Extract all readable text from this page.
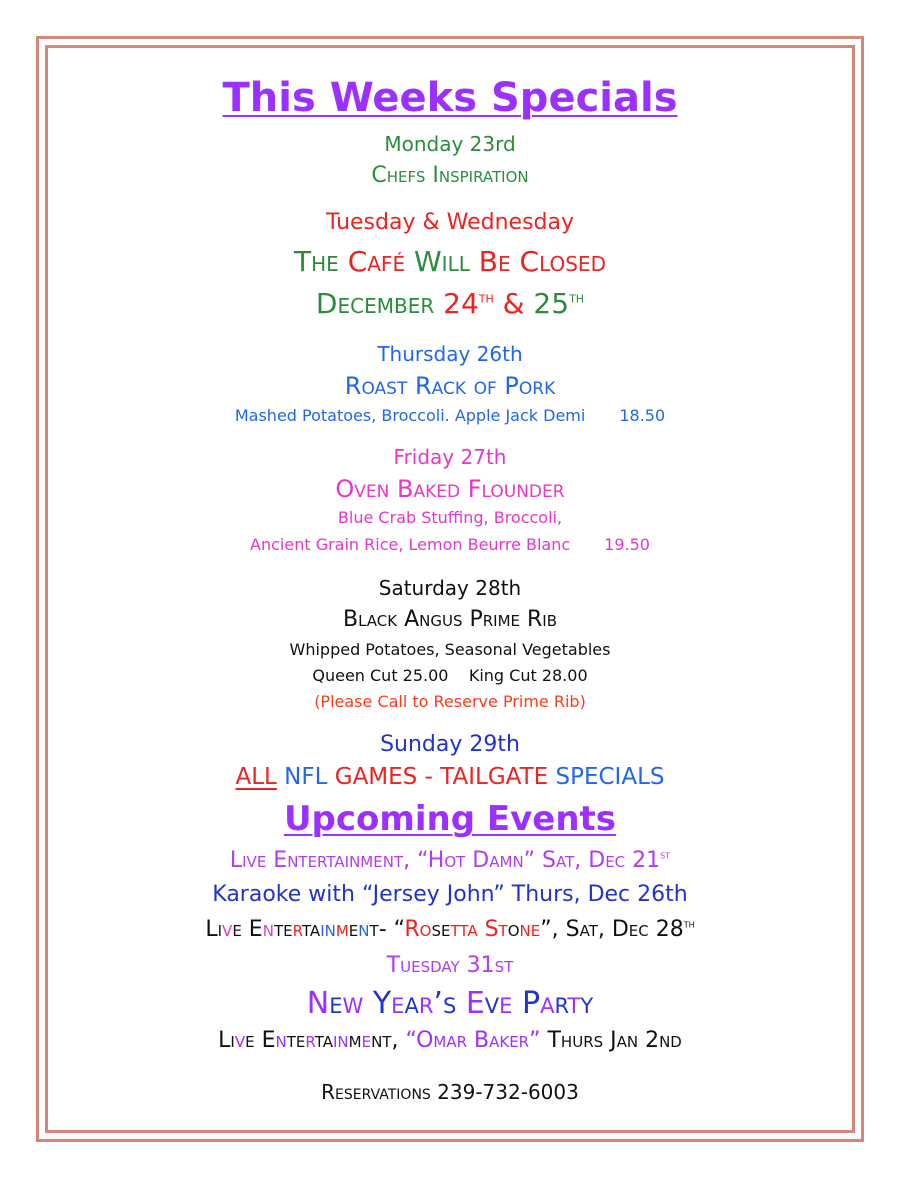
This Weeks Specials
Monday 23rd
Chefs Inspiration
Tuesday & Wednesday
The Café Will Be Closed
December 24th & 25th
Thursday 26th
Roast Rack of Pork
Mashed Potatoes, Broccoli. Apple Jack Demi 18.50
Friday 27th
Oven Baked Flounder
Blue Crab Stuffing, Broccoli,
Ancient Grain Rice, Lemon Beurre Blanc 19.50
Saturday 28th
Black Angus Prime Rib
Whipped Potatoes, Seasonal Vegetables
Queen Cut 25.00    King Cut 28.00
(Please Call to Reserve Prime Rib)
Sunday 29th
ALL NFL GAMES - TAILGATE SPECIALS
Upcoming Events
Live Entertainment, “Hot Damn” Sat, Dec 21st
Karaoke with “Jersey John” Thurs, Dec 26th
Live Entertainment- “Rosetta Stone”, Sat, Dec 28th
Tuesday 31st
New Year’s Eve Party
Live Entertainment, “Omar Baker” Thurs Jan 2nd
Reservations 239-732-6003
